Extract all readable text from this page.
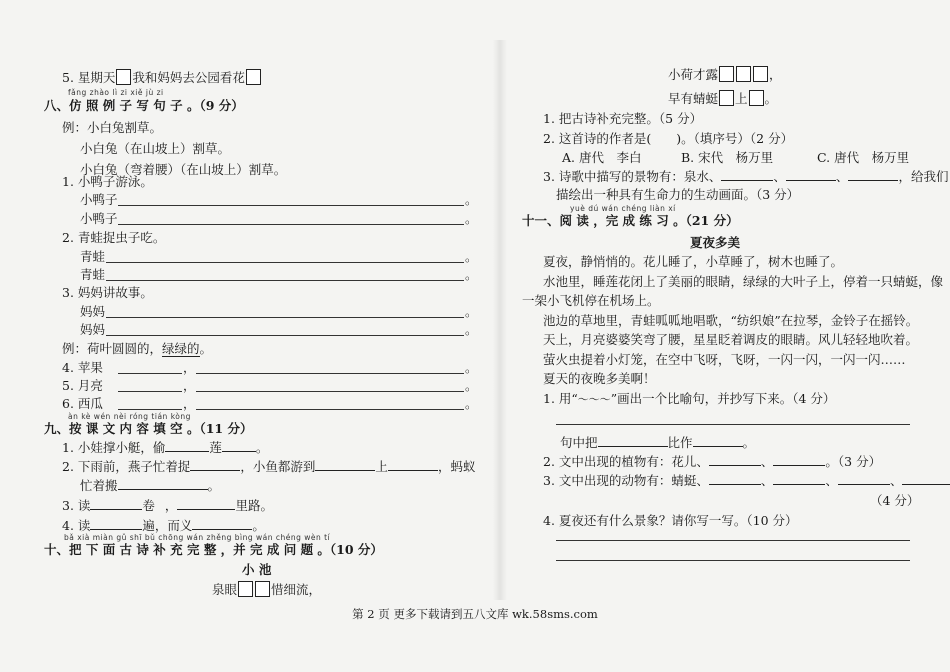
5. 星期天 我和妈妈去公园看花
fǎng zhào lì zi xiě jù zi
八、仿 照 例 子 写 句 子 。（9 分）
例：小白兔割草。
小白兔（在山坡上）割草。
小白兔（弯着腰）（在山坡上）割草。
1. 小鸭子游泳。
小鸭子	。
小鸭子	。
2. 青蛙捉虫子吃。
青蛙	。
青蛙	。
3. 妈妈讲故事。
妈妈	。
妈妈	。
例：荷叶圆圆的，绿绿的。
4. 苹果	，	。
5. 月亮	，	。
6. 西瓜	，	。
àn kè wén nèi róng tián kòng
九、按 课 文 内 容 填 空 。（11 分）
1. 小娃撑小艇，偷	莲	。
2. 下雨前，燕子忙着捉	，小鱼都游到	上	，蚂蚁
忙着搬	。
3. 读	卷 ，	里路。
4. 读	遍，而义	。
bǎ xià miàn gǔ shī bǔ chōng wán zhěng bìng wán chéng wèn tí
十、把 下 面 古 诗 补 充 完 整 ，并 完 成 问 题 。（10 分）
小 池
泉眼	惜细流，
小荷才露	，
早有蜻蜓 上 。
1. 把古诗补充完整。（5 分）
2. 这首诗的作者是(　　)。（填序号）（2 分）
A. 唐代　李白	B. 宋代　杨万里	C. 唐代　杨万里
3. 诗歌中描写的景物有：泉水、	、	、	，给我们
描绘出一种具有生命力的生动画面。（3 分）
yuè dú wán chéng liàn xí
十一、阅 读 ，完 成 练 习 。（21 分）
夏夜多美
夏夜，静悄悄的。花儿睡了，小草睡了，树木也睡了。
水池里，睡莲花闭上了美丽的眼睛，绿绿的大叶子上，停着一只蜻蜓，像
一架小飞机停在机场上。
池边的草地里，青蛙呱呱地唱歌，“纺织娘”在拉琴，金铃子在摇铃。
天上，月亮婆婆笑弯了腰，星星眨着调皮的眼睛。风儿轻轻地吹着。
萤火虫提着小灯笼，在空中飞呀，飞呀，一闪一闪，一闪一闪……
夏天的夜晚多美啊！
1. 用“～～～”画出一个比喻句，并抄写下来。（4 分）
句中把	比作	。
2. 文中出现的植物有：花儿、	、	。（3 分）
3. 文中出现的动物有：蜻蜓、	、	、	、
（4 分）
4. 夏夜还有什么景象？请你写一写。（10 分）
第 2 页 更多下载请到五八文库 wk.58sms.com
